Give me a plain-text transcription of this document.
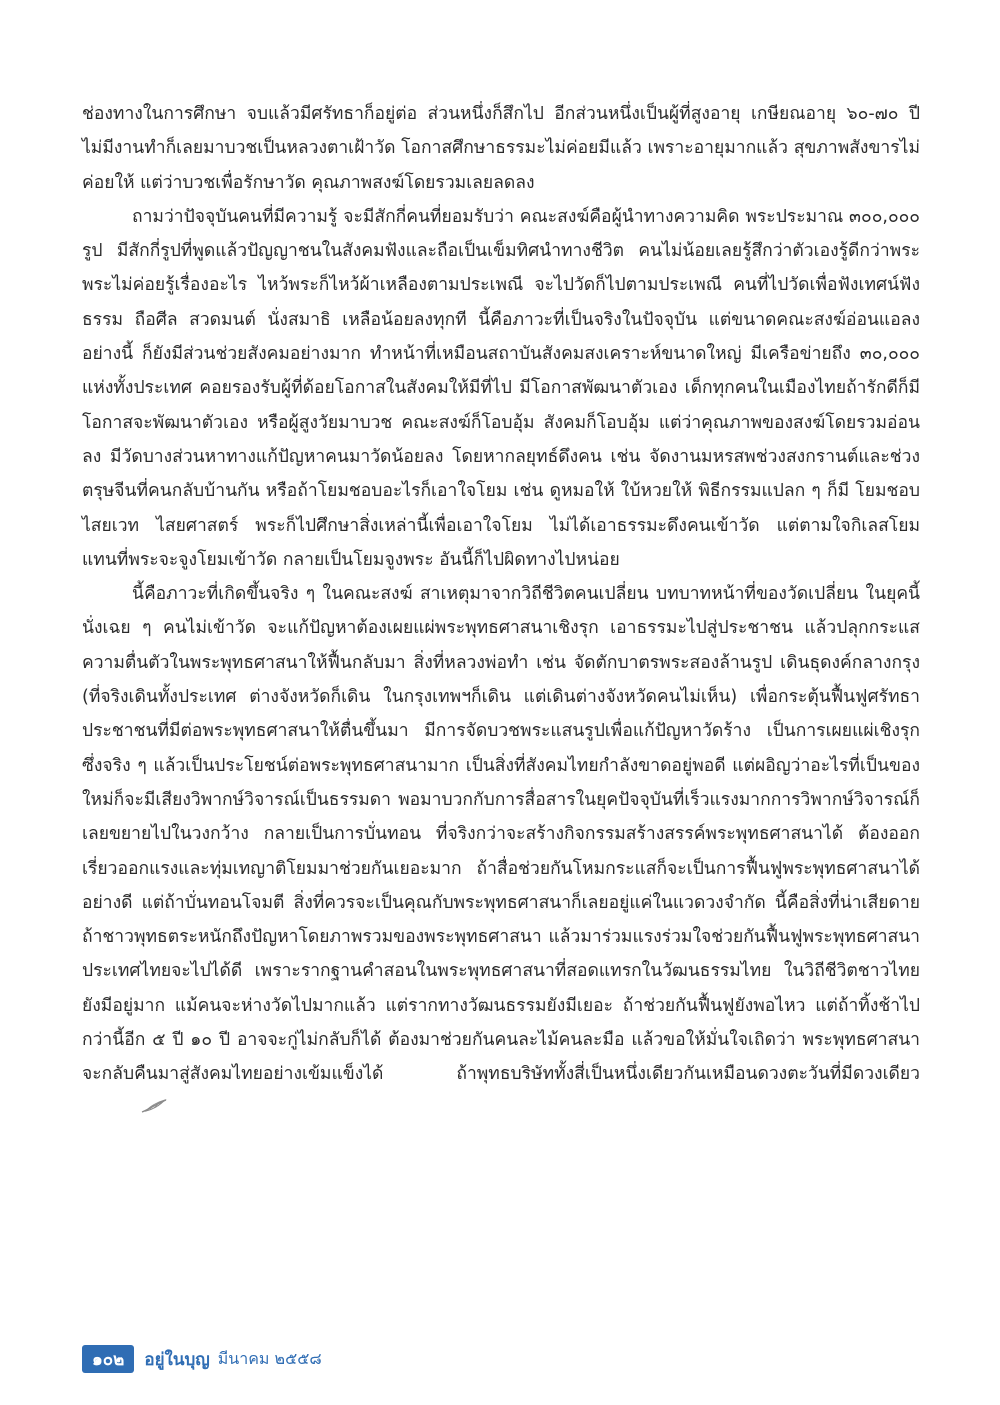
ช่องทางในการศึกษา จบแล้วมีศรัทธาก็อยู่ต่อ ส่วนหนึ่งก็สึกไป อีกส่วนหนึ่งเป็นผู้ที่สูงอายุ เกษียณอายุ ๖๐-๗๐ ปี ไม่มีงานทำก็เลยมาบวชเป็นหลวงตาเฝ้าวัด โอกาสศึกษาธรรมะไม่ค่อยมีแล้ว เพราะอายุมากแล้ว สุขภาพสังขารไม่ค่อยให้ แต่ว่าบวชเพื่อรักษาวัด คุณภาพสงฆ์โดยรวมเลยลดลง

ถามว่าปัจจุบันคนที่มีความรู้ จะมีสักกี่คนที่ยอมรับว่า คณะสงฆ์คือผู้นำทางความคิด พระประมาณ ๓๐๐,๐๐๐ รูป มีสักกี่รูปที่พูดแล้วปัญญาชนในสังคมฟังและถือเป็นเข็มทิศนำทางชีวิต คนไม่น้อยเลยรู้สึกว่าตัวเองรู้ดีกว่าพระ พระไม่ค่อยรู้เรื่องอะไร ไหว้พระก็ไหว้ผ้าเหลืองตามประเพณี จะไปวัดก็ไปตามประเพณี คนที่ไปวัดเพื่อฟังเทศน์ฟังธรรม ถือศีล สวดมนต์ นั่งสมาธิ เหลือน้อยลงทุกที นี้คือภาวะที่เป็นจริงในปัจจุบัน แต่ขนาดคณะสงฆ์อ่อนแอลงอย่างนี้ ก็ยังมีส่วนช่วยสังคมอย่างมาก ทำหน้าที่เหมือนสถาบันสังคมสงเคราะห์ขนาดใหญ่ มีเครือข่ายถึง ๓๐,๐๐๐ แห่งทั้งประเทศ คอยรองรับผู้ที่ด้อยโอกาสในสังคมให้มีที่ไป มีโอกาสพัฒนาตัวเอง เด็กทุกคนในเมืองไทยถ้ารักดีก็มีโอกาสจะพัฒนาตัวเอง หรือผู้สูงวัยมาบวช คณะสงฆ์ก็โอบอุ้ม สังคมก็โอบอุ้ม แต่ว่าคุณภาพของสงฆ์โดยรวมอ่อนลง มีวัดบางส่วนหาทางแก้ปัญหาคนมาวัดน้อยลง โดยหากลยุทธ์ดึงคน เช่น จัดงานมหรสพช่วงสงกรานต์และช่วงตรุษจีนที่คนกลับบ้านกัน หรือถ้าโยมชอบอะไรก็เอาใจโยม เช่น ดูหมอให้ ใบ้หวยให้ พิธีกรรมแปลก ๆ ก็มี โยมชอบไสยเวท ไสยศาสตร์ พระก็ไปศึกษาสิ่งเหล่านี้เพื่อเอาใจโยม ไม่ได้เอาธรรมะดึงคนเข้าวัด แต่ตามใจกิเลสโยม แทนที่พระจะจูงโยมเข้าวัด กลายเป็นโยมจูงพระ อันนี้ก็ไปผิดทางไปหน่อย

นี้คือภาวะที่เกิดขึ้นจริง ๆ ในคณะสงฆ์ สาเหตุมาจากวิถีชีวิตคนเปลี่ยน บทบาทหน้าที่ของวัดเปลี่ยน ในยุคนี้นั่งเฉย ๆ คนไม่เข้าวัด จะแก้ปัญหาต้องเผยแผ่พระพุทธศาสนาเชิงรุก เอาธรรมะไปสู่ประชาชน แล้วปลุกกระแสความตื่นตัวในพระพุทธศาสนาให้ฟื้นกลับมา สิ่งที่หลวงพ่อทำ เช่น จัดตักบาตรพระสองล้านรูป เดินธุดงค์กลางกรุง (ที่จริงเดินทั้งประเทศ ต่างจังหวัดก็เดิน ในกรุงเทพฯก็เดิน แต่เดินต่างจังหวัดคนไม่เห็น) เพื่อกระตุ้นฟื้นฟูศรัทธาประชาชนที่มีต่อพระพุทธศาสนาให้ตื่นขึ้นมา มีการจัดบวชพระแสนรูปเพื่อแก้ปัญหาวัดร้าง เป็นการเผยแผ่เชิงรุก ซึ่งจริง ๆ แล้วเป็นประโยชน์ต่อพระพุทธศาสนามาก เป็นสิ่งที่สังคมไทยกำลังขาดอยู่พอดี แต่ผอิญว่าอะไรที่เป็นของใหม่ก็จะมีเสียงวิพากษ์วิจารณ์เป็นธรรมดา พอมาบวกกับการสื่อสารในยุคปัจจุบันที่เร็วแรงมากการวิพากษ์วิจารณ์ก็เลยขยายไปในวงกว้าง กลายเป็นการบั่นทอน ที่จริงกว่าจะสร้างกิจกรรมสร้างสรรค์พระพุทธศาสนาได้ ต้องออกเรี่ยวออกแรงและทุ่มเทญาติโยมมาช่วยกันเยอะมาก ถ้าสื่อช่วยกันโหมกระแสก็จะเป็นการฟื้นฟูพระพุทธศาสนาได้อย่างดี แต่ถ้าบั่นทอนโจมตี สิ่งที่ควรจะเป็นคุณกับพระพุทธศาสนาก็เลยอยู่แค่ในแวดวงจำกัด นี้คือสิ่งที่น่าเสียดาย ถ้าชาวพุทธตระหนักถึงปัญหาโดยภาพรวมของพระพุทธศาสนา แล้วมาร่วมแรงร่วมใจช่วยกันฟื้นฟูพระพุทธศาสนา ประเทศไทยจะไปได้ดี เพราะรากฐานคำสอนในพระพุทธศาสนาที่สอดแทรกในวัฒนธรรมไทย ในวิถีชีวิตชาวไทยยังมีอยู่มาก แม้คนจะห่างวัดไปมากแล้ว แต่รากทางวัฒนธรรมยังมีเยอะ ถ้าช่วยกันฟื้นฟูยังพอไหว แต่ถ้าทิ้งช้าไปกว่านี้อีก ๕ ปี ๑๐ ปี อาจจะกู่ไม่กลับก็ได้ ต้องมาช่วยกันคนละไม้คนละมือ แล้วขอให้มั่นใจเถิดว่า พระพุทธศาสนาจะกลับคืนมาสู่สังคมไทยอย่างเข้มแข็งได้ ถ้าพุทธบริษัททั้งสี่เป็นหนึ่งเดียวกันเหมือนดวงตะวันที่มีดวงเดียว

๑๐๒	อยู่ในบุญ มีนาคม ๒๕๕๘
